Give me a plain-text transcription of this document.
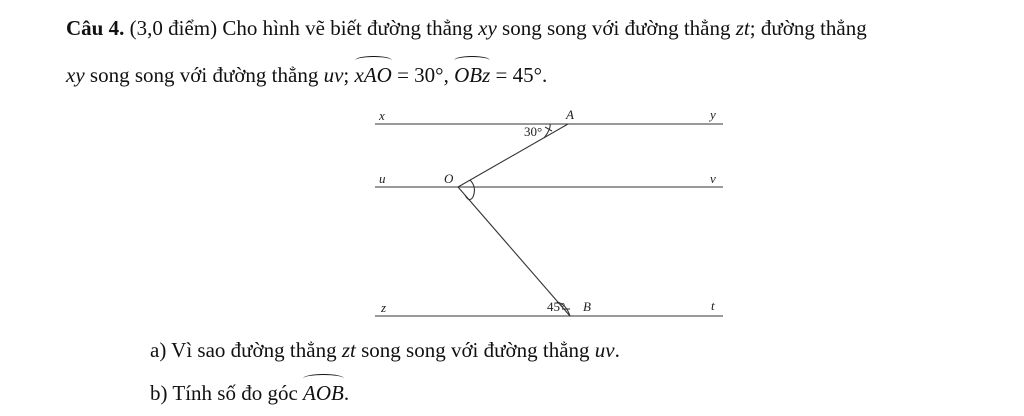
Câu 4. (3,0 điểm) Cho hình vẽ biết đường thẳng xy song song với đường thẳng zt; đường thẳng
xy song song với đường thẳng uv; xAO = 30°, OBz = 45°.
x	y
A
30°
u	O	v
z	45° B	t
a) Vì sao đường thẳng zt song song với đường thẳng uv.
b) Tính số đo góc AOB.
